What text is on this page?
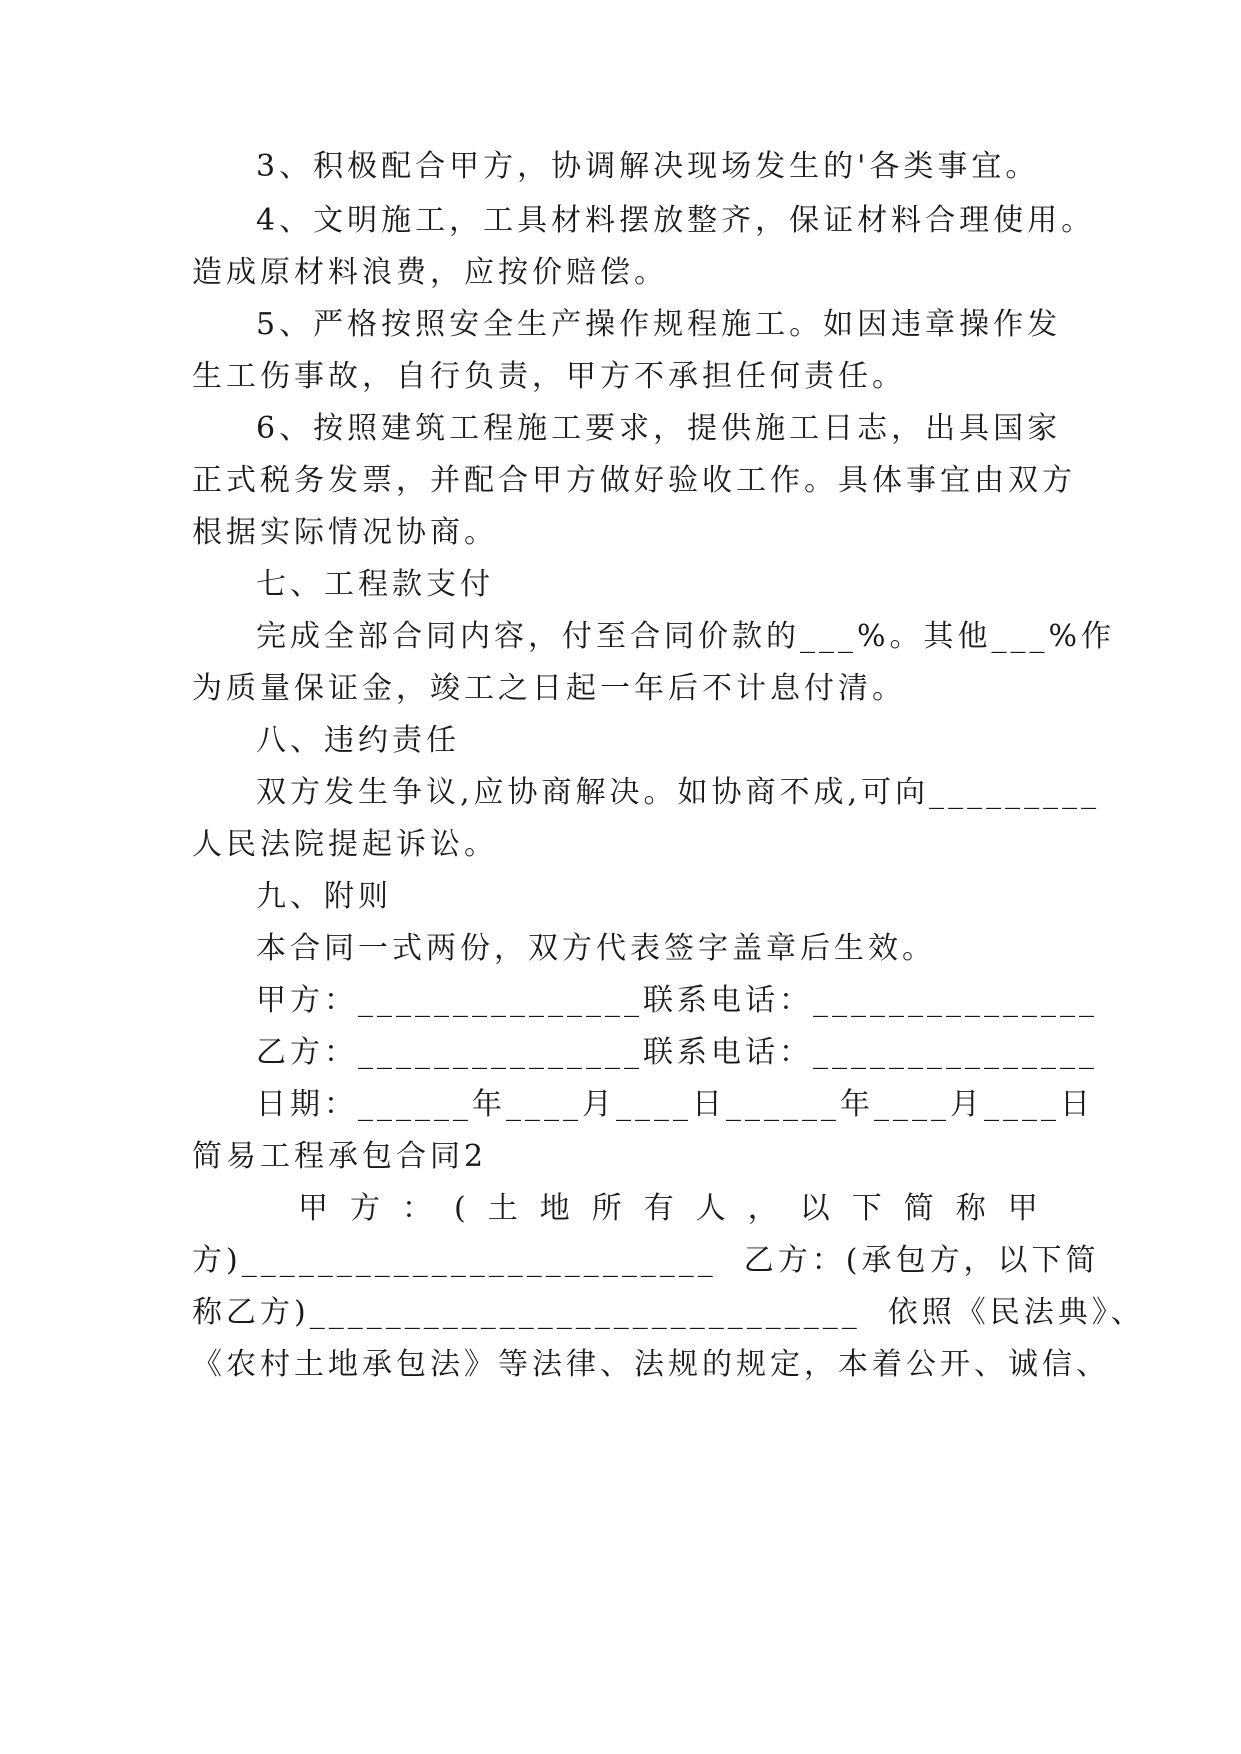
3、积极配合甲方，协调解决现场发生的'各类事宜。
4、文明施工，工具材料摆放整齐，保证材料合理使用。
造成原材料浪费，应按价赔偿。
5、严格按照安全生产操作规程施工。如因违章操作发
生工伤事故，自行负责，甲方不承担任何责任。
6、按照建筑工程施工要求，提供施工日志，出具国家
正式税务发票，并配合甲方做好验收工作。具体事宜由双方
根据实际情况协商。
七、工程款支付
完成全部合同内容，付至合同价款的___%。其他___%作
为质量保证金，竣工之日起一年后不计息付清。
八、违约责任
双方发生争议,应协商解决。如协商不成,可向_________
人民法院提起诉讼。
九、附则
本合同一式两份，双方代表签字盖章后生效。
甲方：_______________联系电话：_______________
乙方：_______________联系电话：_______________
日期：______年____月____日______年____月____日
简易工程承包合同2
甲方：(土地所有人，以下简称甲
方)_________________________  乙方：(承包方，以下简
称乙方)_____________________________  依照《民法典》、
《农村土地承包法》等法律、法规的规定，本着公开、诚信、
